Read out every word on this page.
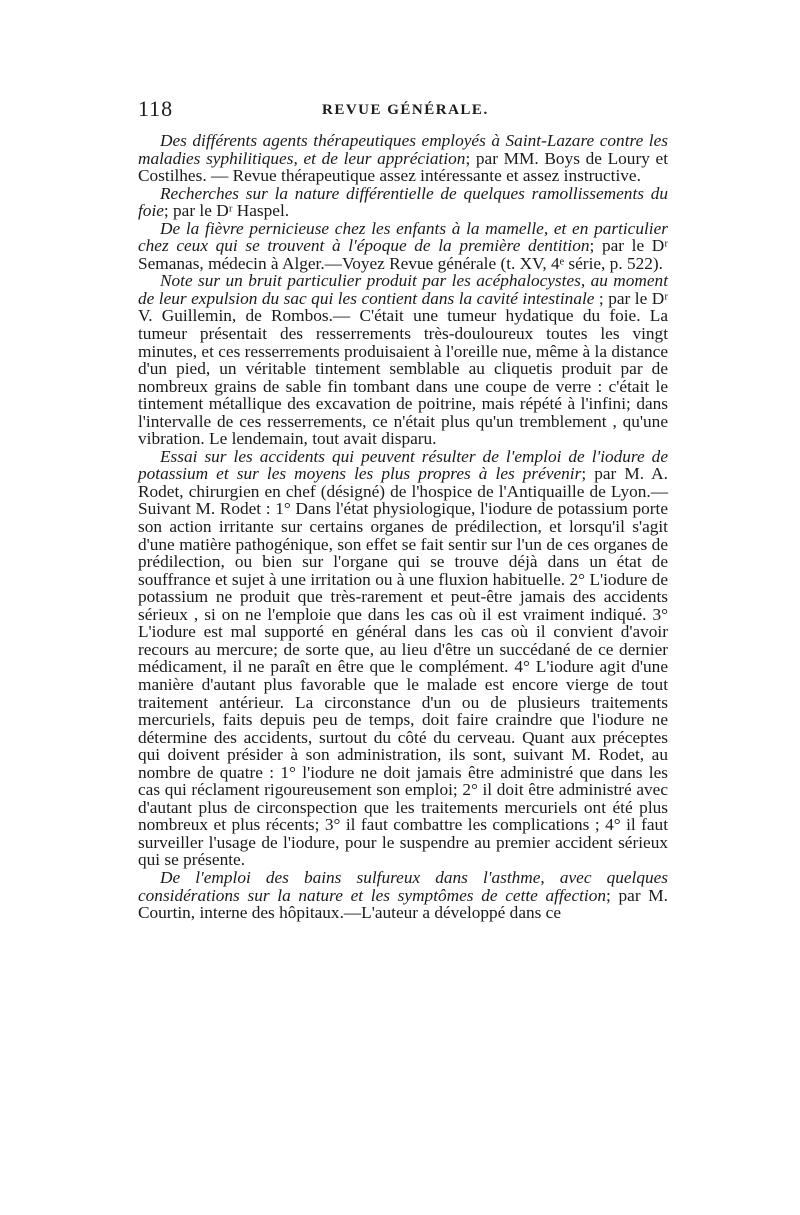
118	REVUE GÉNÉRALE.

Des différents agents thérapeutiques employés à Saint-Lazare contre les maladies syphilitiques, et de leur appréciation; par MM. Boys de Loury et Costilhes. — Revue thérapeutique assez intéressante et assez instructive.

Recherches sur la nature différentielle de quelques ramollissements du foie; par le Dʳ Haspel.

De la fièvre pernicieuse chez les enfants à la mamelle, et en particulier chez ceux qui se trouvent à l'époque de la première dentition; par le Dʳ Semanas, médecin à Alger.—Voyez Revue générale (t. XV, 4ᵉ série, p. 522).

Note sur un bruit particulier produit par les acéphalocystes, au moment de leur expulsion du sac qui les contient dans la cavité intestinale ; par le Dʳ V. Guillemin, de Rombos.— C'était une tumeur hydatique du foie. La tumeur présentait des resserrements très-douloureux toutes les vingt minutes, et ces resserrements produisaient à l'oreille nue, même à la distance d'un pied, un véritable tintement semblable au cliquetis produit par de nombreux grains de sable fin tombant dans une coupe de verre : c'était le tintement métallique des excavation de poitrine, mais répété à l'infini; dans l'intervalle de ces resserrements, ce n'était plus qu'un tremblement , qu'une vibration. Le lendemain, tout avait disparu.

Essai sur les accidents qui peuvent résulter de l'emploi de l'iodure de potassium et sur les moyens les plus propres à les prévenir; par M. A. Rodet, chirurgien en chef (désigné) de l'hospice de l'Antiquaille de Lyon.— Suivant M. Rodet : 1° Dans l'état physiologique, l'iodure de potassium porte son action irritante sur certains organes de prédilection, et lorsqu'il s'agit d'une matière pathogénique, son effet se fait sentir sur l'un de ces organes de prédilection, ou bien sur l'organe qui se trouve déjà dans un état de souffrance et sujet à une irritation ou à une fluxion habituelle. 2° L'iodure de potassium ne produit que très-rarement et peut-être jamais des accidents sérieux , si on ne l'emploie que dans les cas où il est vraiment indiqué. 3° L'iodure est mal supporté en général dans les cas où il convient d'avoir recours au mercure; de sorte que, au lieu d'être un succédané de ce dernier médicament, il ne paraît en être que le complément. 4° L'iodure agit d'une manière d'autant plus favorable que le malade est encore vierge de tout traitement antérieur. La circonstance d'un ou de plusieurs traitements mercuriels, faits depuis peu de temps, doit faire craindre que l'iodure ne détermine des accidents, surtout du côté du cerveau. Quant aux préceptes qui doivent présider à son administration, ils sont, suivant M. Rodet, au nombre de quatre : 1° l'iodure ne doit jamais être administré que dans les cas qui réclament rigoureusement son emploi; 2° il doit être administré avec d'autant plus de circonspection que les traitements mercuriels ont été plus nombreux et plus récents; 3° il faut combattre les complications ; 4° il faut surveiller l'usage de l'iodure, pour le suspendre au premier accident sérieux qui se présente.

De l'emploi des bains sulfureux dans l'asthme, avec quelques considérations sur la nature et les symptômes de cette affection; par M. Courtin, interne des hôpitaux.—L'auteur a développé dans ce
